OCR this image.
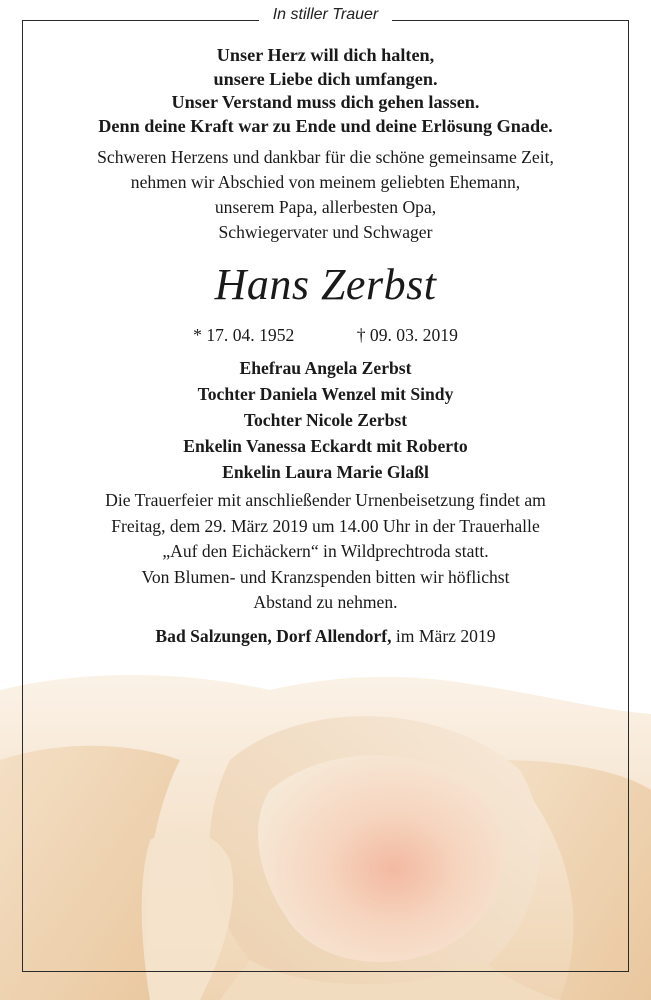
In stiller Trauer
Unser Herz will dich halten,
unsere Liebe dich umfangen.
Unser Verstand muss dich gehen lassen.
Denn deine Kraft war zu Ende und deine Erlösung Gnade.
Schweren Herzens und dankbar für die schöne gemeinsame Zeit,
nehmen wir Abschied von meinem geliebten Ehemann,
unserem Papa, allerbesten Opa,
Schwiegervater und Schwager
Hans Zerbst
* 17. 04. 1952	† 09. 03. 2019
Ehefrau Angela Zerbst
Tochter Daniela Wenzel mit Sindy
Tochter Nicole Zerbst
Enkelin Vanessa Eckardt mit Roberto
Enkelin Laura Marie Glaßl
Die Trauerfeier mit anschließender Urnenbeisetzung findet am
Freitag, dem 29. März 2019 um 14.00 Uhr in der Trauerhalle
„Auf den Eichäckern“ in Wildprechtroda statt.
Von Blumen- und Kranzspenden bitten wir höflichst
Abstand zu nehmen.
Bad Salzungen, Dorf Allendorf, im März 2019
